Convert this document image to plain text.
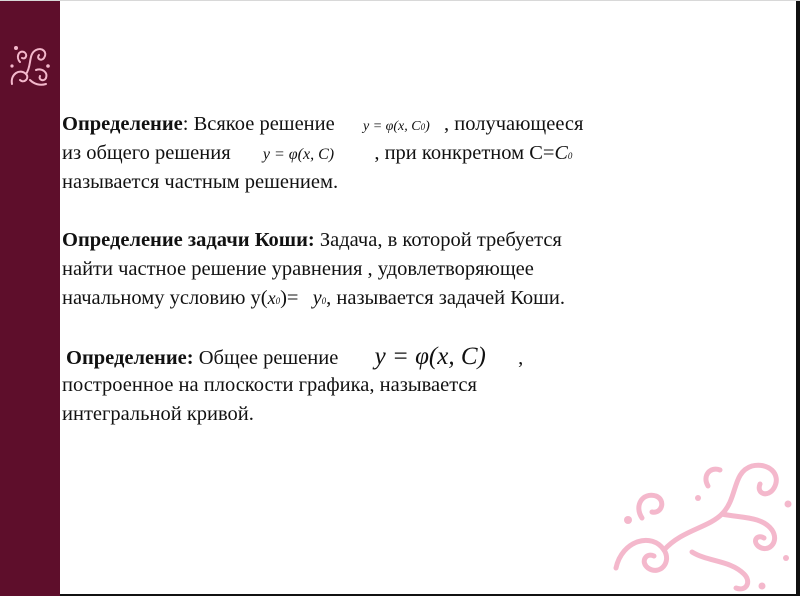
Определение: Всякое решение y = φ(x, C0) , получающееся
из общего решения y = φ(x, C) , при конкретном С=C0
называется частным решением.
Определение задачи Коши: Задача, в которой требуется
найти частное решение уравнения , удовлетворяющее
начальному условию у(x0)= y0, называется задачей Коши.
Определение: Общее решение y = φ(x, C) ,
построенное на плоскости графика, называется
интегральной кривой.
